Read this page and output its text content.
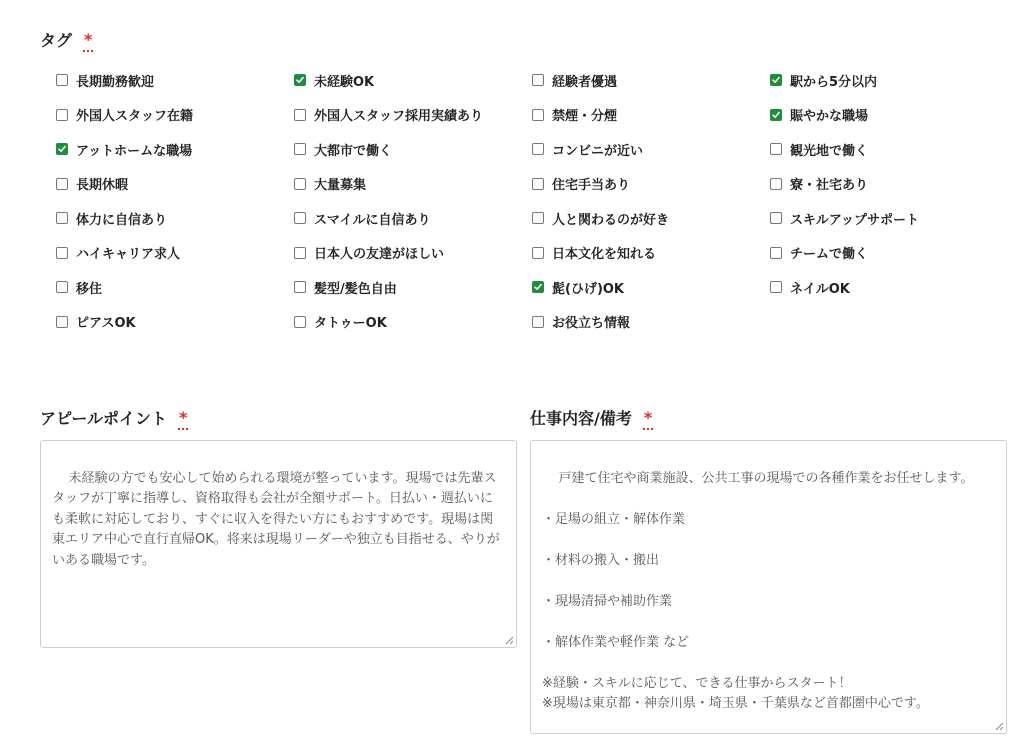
タグ *
長期勤務歓迎	未経験OK	経験者優遇	駅から5分以内
外国人スタッフ在籍	外国人スタッフ採用実績あり	禁煙・分煙	賑やかな職場
アットホームな職場	大都市で働く	コンビニが近い	観光地で働く
長期休暇	大量募集	住宅手当あり	寮・社宅あり
体力に自信あり	スマイルに自信あり	人と関わるのが好き	スキルアップサポート
ハイキャリア求人	日本人の友達がほしい	日本文化を知れる	チームで働く
移住	髪型/髪色自由	髭(ひげ)OK	ネイルOK
ピアスOK	タトゥーOK	お役立ち情報
アピールポイント *

未経験の方でも安心して始められる環境が整っています。現場では先輩スタッフが丁寧に指導し、資格取得も会社が全額サポート。日払い・週払いにも柔軟に対応しており、すぐに収入を得たい方にもおすすめです。現場は関東エリア中心で直行直帰OK。将来は現場リーダーや独立も目指せる、やりがいある職場です。

仕事内容/備考 *

戸建て住宅や商業施設、公共工事の現場での各種作業をお任せします。

・足場の組立・解体作業

・材料の搬入・搬出

・現場清掃や補助作業

・解体作業や軽作業 など

※経験・スキルに応じて、できる仕事からスタート！
※現場は東京都・神奈川県・埼玉県・千葉県など首都圏中心です。
